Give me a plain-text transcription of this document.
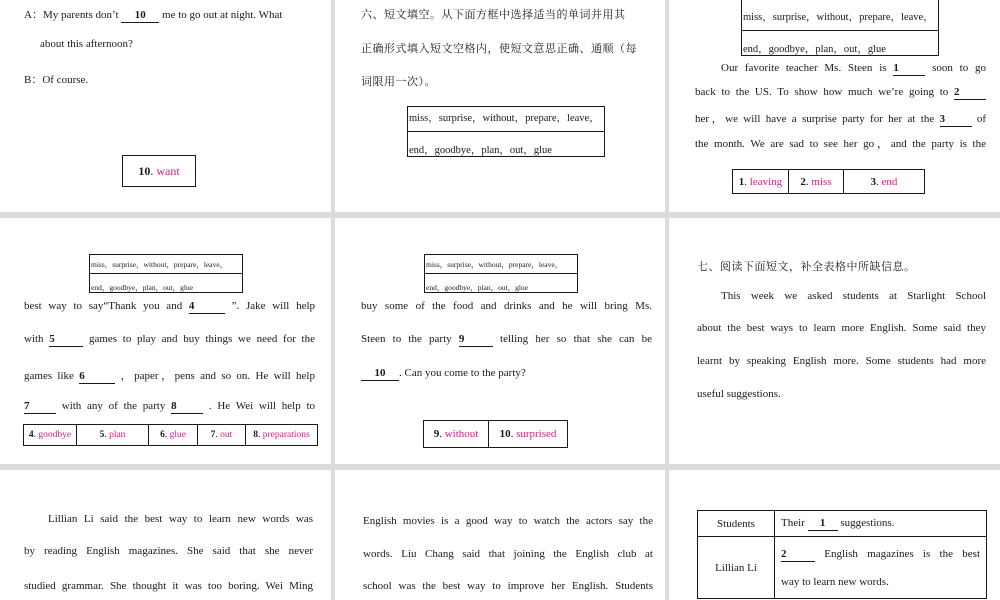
A：My parents don’t 10 me to go out at night. What
about this afternoon?
B：Of course.
10 .
want
六、短文填空。从下面方框中选择适当的单词并用其
正确形式填入短文空格内，使短文意思正确、通顺（每
词限用一次）。
miss，surprise，without，prepare，leave，
end，goodbye，plan，out，glue
miss，surprise，without，prepare，leave，
end，goodbye，plan，out，glue
Our favorite teacher Ms. Steen is 1	soon to go
back to the US. To show how much we’re going to 2
her，we will have a surprise party for her at the 3	of
the month. We are sad to see her go，and the party is the
1 . leaving 2 . miss	3 . end
miss，surprise，without，prepare，leave，
end，goodbye，plan，out，glue
best way to say“Thank you and 4	”. Jake will help
with 5	games to play and buy things we need for the
games like 6	，paper，pens and so on. He will help
7	with any of the party 8	. He Wei will help to
4 . goodbye	5 . plan	6 . glue	7 . out 8 . preparations
miss，surprise，without，prepare，leave，
end，goodbye，plan，out，glue
buy some of the food and drinks and he will bring Ms.
Steen to the party 9	telling her so that she can be
10 . Can you come to the party?
9 . without 10 . surprised
七、阅读下面短文，补全表格中所缺信息。
This week we asked students at Starlight School
about the best ways to learn more English. Some said they
learnt by speaking English more. Some students had more
useful suggestions.
Lillian Li said the best way to learn new words was
by reading English magazines. She said that she never
studied grammar. She thought it was too boring. Wei Ming
English movies is a good way to watch the actors say the
words. Liu Chang said that joining the English club at
school was the best way to improve her English. Students
Students	Their 1 suggestions.
Lillian Li	2 English magazines is the best
way to learn new words.
